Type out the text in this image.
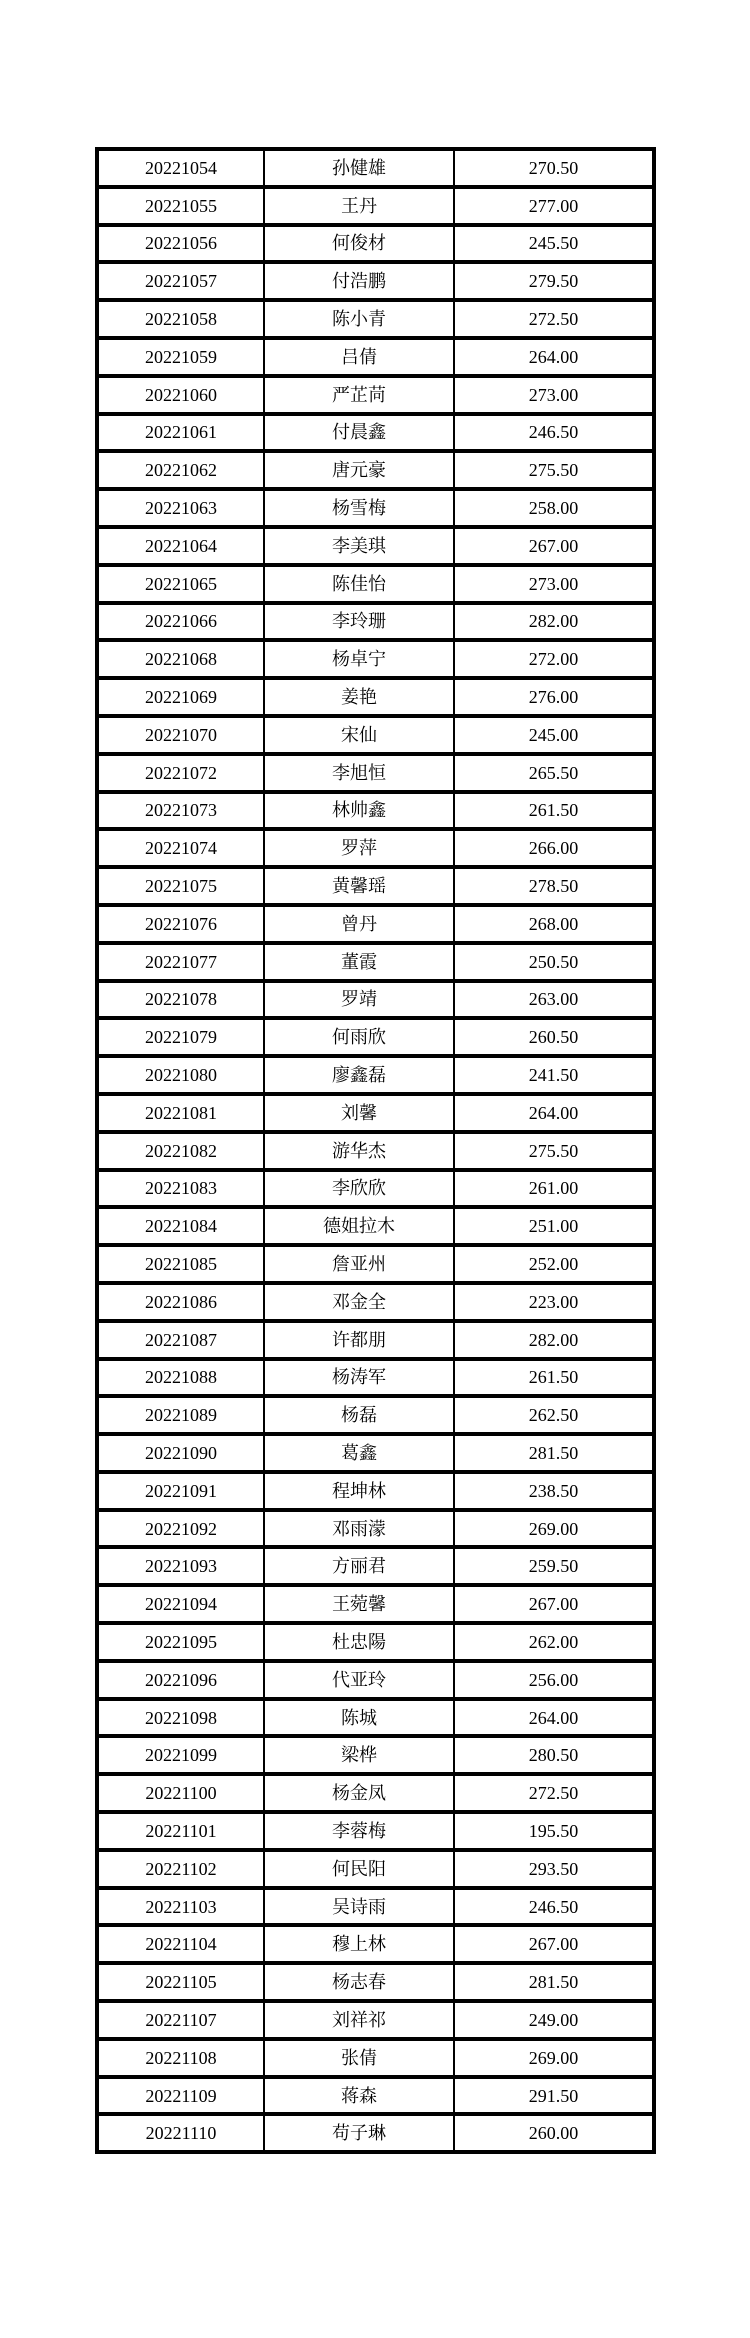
20221054	孙健雄	270.50
20221055	王丹	277.00
20221056	何俊材	245.50
20221057	付浩鹏	279.50
20221058	陈小青	272.50
20221059	吕倩	264.00
20221060	严芷苘	273.00
20221061	付晨鑫	246.50
20221062	唐元豪	275.50
20221063	杨雪梅	258.00
20221064	李美琪	267.00
20221065	陈佳怡	273.00
20221066	李玲珊	282.00
20221068	杨卓宁	272.00
20221069	姜艳	276.00
20221070	宋仙	245.00
20221072	李旭恒	265.50
20221073	林帅鑫	261.50
20221074	罗萍	266.00
20221075	黄馨瑶	278.50
20221076	曾丹	268.00
20221077	董霞	250.50
20221078	罗靖	263.00
20221079	何雨欣	260.50
20221080	廖鑫磊	241.50
20221081	刘馨	264.00
20221082	游华杰	275.50
20221083	李欣欣	261.00
20221084	德姐拉木	251.00
20221085	詹亚州	252.00
20221086	邓金全	223.00
20221087	许都朋	282.00
20221088	杨涛军	261.50
20221089	杨磊	262.50
20221090	葛鑫	281.50
20221091	程坤林	238.50
20221092	邓雨濛	269.00
20221093	方丽君	259.50
20221094	王菀馨	267.00
20221095	杜忠陽	262.00
20221096	代亚玲	256.00
20221098	陈城	264.00
20221099	梁桦	280.50
20221100	杨金凤	272.50
20221101	李蓉梅	195.50
20221102	何民阳	293.50
20221103	吴诗雨	246.50
20221104	穆上林	267.00
20221105	杨志春	281.50
20221107	刘祥祁	249.00
20221108	张倩	269.00
20221109	蒋森	291.50
20221110	苟子琳	260.00
